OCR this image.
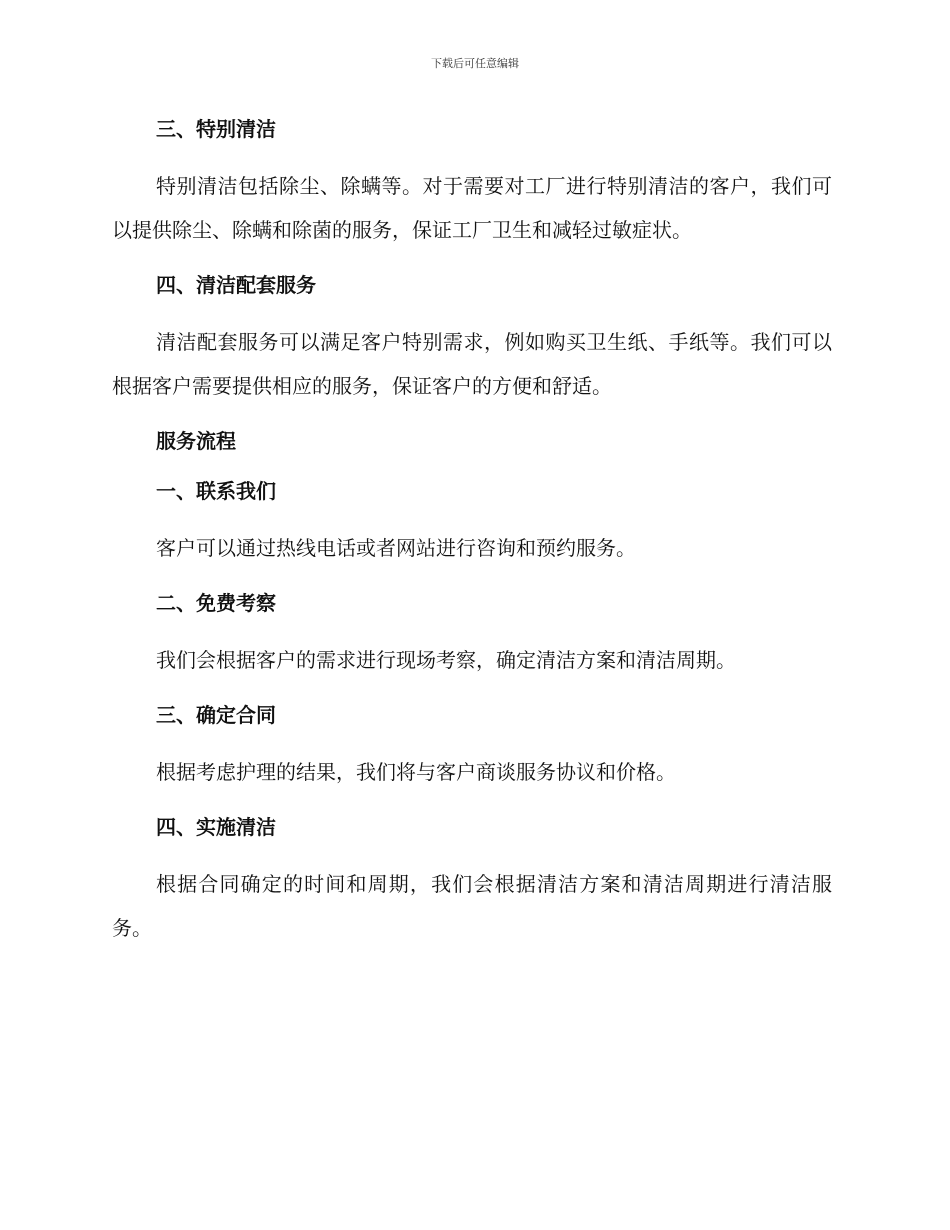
下载后可任意编辑
三、特别清洁

特别清洁包括除尘、除螨等。对于需要对工厂进行特别清洁的客户，我们可以提供除尘、除螨和除菌的服务，保证工厂卫生和减轻过敏症状。

四、清洁配套服务

清洁配套服务可以满足客户特别需求，例如购买卫生纸、手纸等。我们可以根据客户需要提供相应的服务，保证客户的方便和舒适。

服务流程
一、联系我们

客户可以通过热线电话或者网站进行咨询和预约服务。

二、免费考察

我们会根据客户的需求进行现场考察，确定清洁方案和清洁周期。

三、确定合同

根据考虑护理的结果，我们将与客户商谈服务协议和价格。

四、实施清洁

根据合同确定的时间和周期，我们会根据清洁方案和清洁周期进行清洁服务。
